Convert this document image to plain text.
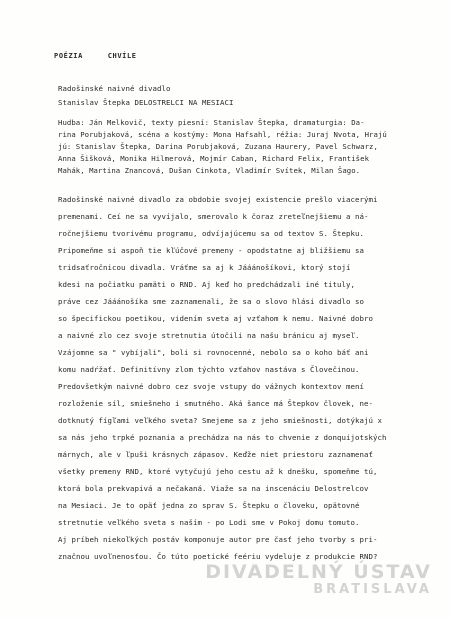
POĚZIA	CHVÍLE
Radošinské naivné divadlo
Stanislav Štepka DELOSTRELCI NA MESIACI
Hudba: Ján Melkovič, texty piesní: Stanislav Štepka, dramaturgia: Da-
rina Porubjaková, scéna a kostýmy: Mona Hafsahl, réžia: Juraj Nvota, Hrajú
jú: Stanislav Štepka, Darina Porubjaková, Zuzana Haurery, Pavel Schwarz,
Anna Šišková, Monika Hilmerová, Mojmír Caban, Richard Felix, František
Mahák, Martina Znancová, Dušan Cinkota, Vladimír Svítek, Milan Šago.
Radošinské naivné divadlo za obdobie svojej existencie prešlo viacerými
premenami. Ceí ne sa vyvíjalo, smerovalo k čoraz zreteľnejšiemu a ná-
ročnejšiemu tvorivému programu, odvíjajúcemu sa od textov S. Štepku.
Pripomeňme si aspoň tie kľúčové premeny - opodstatne aj bližšiemu sa
tridsaťročnicou divadla. Vráťme sa aj k Jááánošíkovi, ktorý stojí
kdesi na počiatku pamäti o RND. Aj keď ho predchádzali iné tituly,
práve cez Jááánošíka sme zaznamenali, že sa o slovo hlási divadlo so
so špecifickou poetikou, videním sveta aj vzťahom k nemu. Naivné dobro
a naivné zlo cez svoje stretnutia útočili na našu bránicu aj myseľ.
Vzájomne sa " vybíjali", boli si rovnocenné, nebolo sa o koho báť ani
komu nadŕžať. Definitívny zlom týchto vzťahov nastáva s Človečinou.
Predovšetkým naivné dobro cez svoje vstupy do vážnych kontextov mení
rozloženie síl, smiešneho i smutného. Aká šance má Štepkov človek, ne-
dotknutý fígľami veľkého sveta? Smejeme sa z jeho smiešnosti, dotýkajú x
sa nás jeho trpké poznania a prechádza na nás to chvenie z donquijotských
márnych, ale v ľpuši krásnych zápasov. Keďže niet priestoru zaznamenať
všetky premeny RND, ktoré vytyčujú jeho cestu až k dnešku, spomeňme tú,
ktorá bola prekvapivá a nečakaná. Viaže sa na inscenáciu Delostrelcov
na Mesiaci. Je to opäť jedna zo sprav S. Štepku o človeku, opätovné
stretnutie veľkého sveta s naším - po Lodi sme v Pokoj domu tomuto.
Aj príbeh niekoľkých postáv komponuje autor pre časť jeho tvorby s pri-
značnou uvoľnenosťou. Čo túto poetické feériu vydeluje z produkcie RND?
DIVADELNÝ ÚSTAV
BRATISLAVA
